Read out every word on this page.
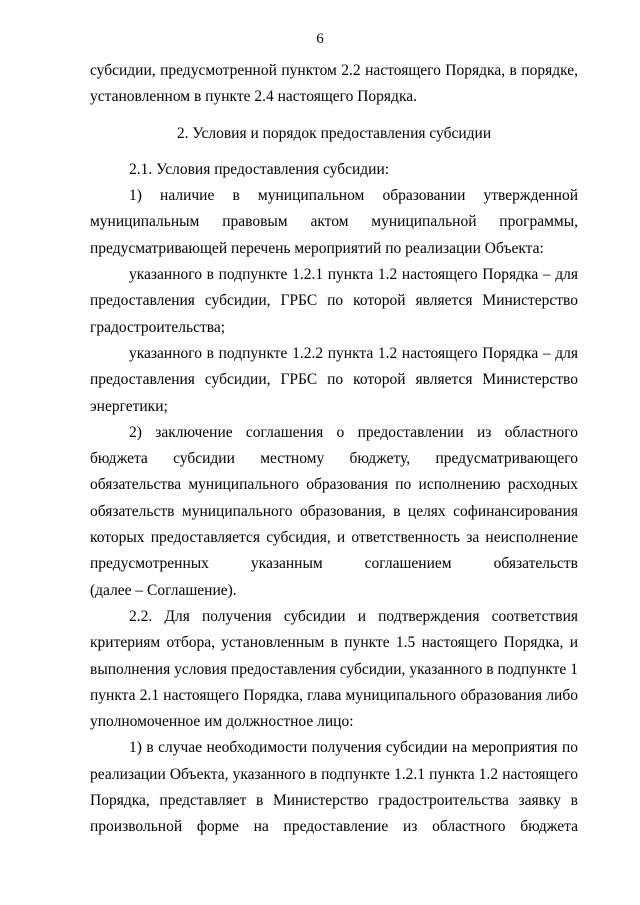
6

субсидии, предусмотренной пунктом 2.2 настоящего Порядка, в порядке,

установленном в пункте 2.4 настоящего Порядка.

2. Условия и порядок предоставления субсидии

2.1. Условия предоставления субсидии:

1) наличие в муниципальном образовании утвержденной муниципальным правовым актом муниципальной программы, предусматривающей перечень мероприятий по реализации Объекта:

указанного в подпункте 1.2.1 пункта 1.2 настоящего Порядка – для предоставления субсидии, ГРБС по которой является Министерство градостроительства;

указанного в подпункте 1.2.2 пункта 1.2 настоящего Порядка – для предоставления субсидии, ГРБС по которой является Министерство энергетики;

2) заключение соглашения о предоставлении из областного бюджета субсидии местному бюджету, предусматривающего обязательства муниципального образования по исполнению расходных обязательств муниципального образования, в целях софинансирования которых предоставляется субсидия, и ответственность за неисполнение предусмотренных указанным соглашением обязательств

(далее – Соглашение).

2.2. Для получения субсидии и подтверждения соответствия критериям отбора, установленным в пункте 1.5 настоящего Порядка, и выполнения условия предоставления субсидии, указанного в подпункте 1 пункта 2.1 настоящего Порядка, глава муниципального образования либо уполномоченное им должностное лицо:

1) в случае необходимости получения субсидии на мероприятия по реализации Объекта, указанного в подпункте 1.2.1 пункта 1.2 настоящего Порядка, представляет в Министерство градостроительства заявку в произвольной форме на предоставление из областного бюджета
